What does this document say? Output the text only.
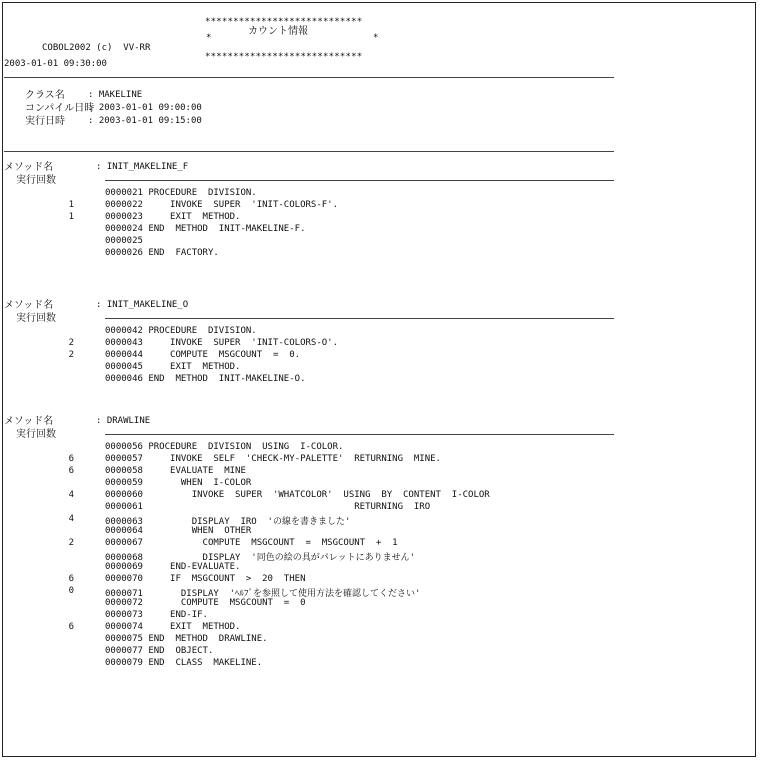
****************************
*
カウント情報
*
****************************
COBOL2002 (c)  VV-RR
2003-01-01 09:30:00
クラス名	: MAKELINE
コンパイル日時
: 2003-01-01 09:00:00
実行日時	: 2003-01-01 09:15:00
メソッド名	: INIT_MAKELINE_F
実行回数
0000021 PROCEDURE  DIVISION.
1	0000022     INVOKE  SUPER  'INIT-COLORS-F'.
1	0000023     EXIT  METHOD.
0000024 END  METHOD  INIT-MAKELINE-F.
0000025
0000026 END  FACTORY.
メソッド名	: INIT_MAKELINE_O
実行回数
0000042 PROCEDURE  DIVISION.
2	0000043     INVOKE  SUPER  'INIT-COLORS-O'.
2	0000044     COMPUTE  MSGCOUNT  =  0.
0000045     EXIT  METHOD.
0000046 END  METHOD  INIT-MAKELINE-O.
メソッド名	: DRAWLINE
実行回数
0000056 PROCEDURE  DIVISION  USING  I-COLOR.
6	0000057     INVOKE  SELF  'CHECK-MY-PALETTE'  RETURNING  MINE.
6	0000058     EVALUATE  MINE
0000059       WHEN  I-COLOR
4	0000060         INVOKE  SUPER  'WHATCOLOR'  USING  BY  CONTENT  I-COLOR
0000061                                       RETURNING  IRO
4	0000063         DISPLAY  IRO  'の線を書きました'
0000064         WHEN  OTHER
2	0000067           COMPUTE  MSGCOUNT  =  MSGCOUNT  +  1
0000068           DISPLAY  '同色の絵の具がパレットにありません'
0000069     END-EVALUATE.
6	0000070     IF  MSGCOUNT  >  20  THEN
0	0000071       DISPLAY  'ﾍﾙﾌﾟを参照して使用方法を確認してください'
0000072       COMPUTE  MSGCOUNT  =  0
0000073     END-IF.
6	0000074     EXIT  METHOD.
0000075 END  METHOD  DRAWLINE.
0000077 END  OBJECT.
0000079 END  CLASS  MAKELINE.
